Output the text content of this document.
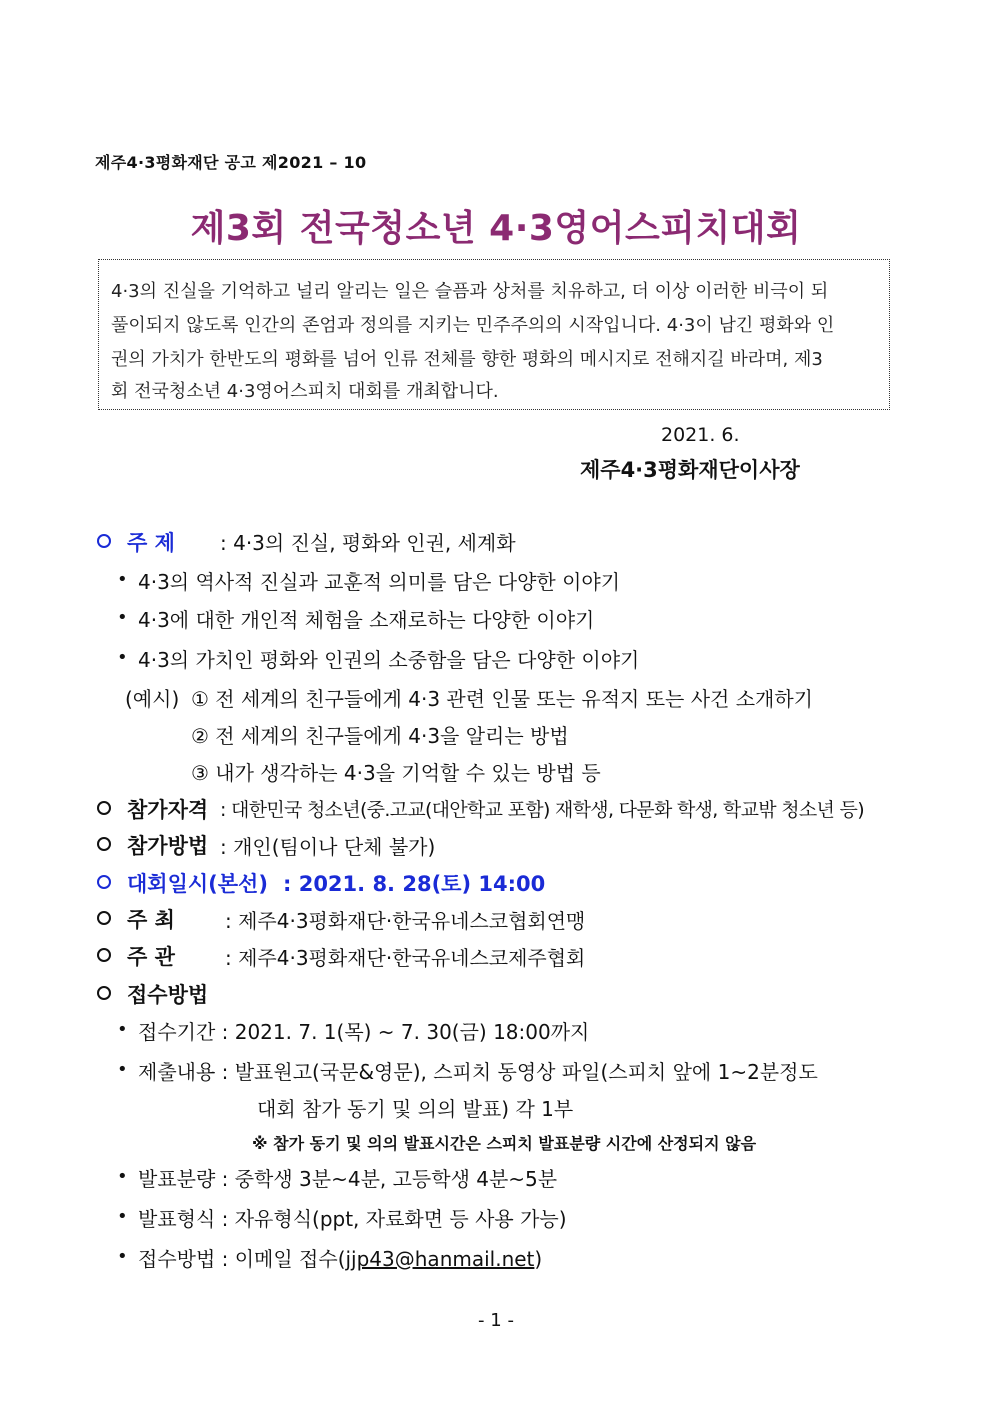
제주4·3평화재단 공고 제2021 – 10
제3회 전국청소년 4·3영어스피치대회
4·3의 진실을 기억하고 널리 알리는 일은 슬픔과 상처를 치유하고, 더 이상 이러한 비극이 되
풀이되지 않도록 인간의 존엄과 정의를 지키는 민주주의의 시작입니다. 4·3이 남긴 평화와 인
권의 가치가 한반도의 평화를 넘어 인류 전체를 향한 평화의 메시지로 전해지길 바라며, 제3
회 전국청소년 4·3영어스피치 대회를 개최합니다.
2021. 6.
제주4·3평화재단이사장
주 제 : 4·3의 진실, 평화와 인권, 세계화
• 4·3의 역사적 진실과 교훈적 의미를 담은 다양한 이야기
• 4·3에 대한 개인적 체험을 소재로하는 다양한 이야기
• 4·3의 가치인 평화와 인권의 소중함을 담은 다양한 이야기
(예시) ① 전 세계의 친구들에게 4·3 관련 인물 또는 유적지 또는 사건 소개하기
② 전 세계의 친구들에게 4·3을 알리는 방법
③ 내가 생각하는 4·3을 기억할 수 있는 방법 등
참가자격 : 대한민국 청소년(중.고교(대안학교 포함) 재학생, 다문화 학생, 학교밖 청소년 등)
참가방법 : 개인(팀이나 단체 불가)
대회일시(본선) : 2021. 8. 28(토) 14:00
주 최	: 제주4·3평화재단·한국유네스코협회연맹
주 관	: 제주4·3평화재단·한국유네스코제주협회
접수방법
• 접수기간 : 2021. 7. 1(목) ~ 7. 30(금) 18:00까지
• 제출내용 : 발표원고(국문&영문), 스피치 동영상 파일(스피치 앞에 1~2분정도
대회 참가 동기 및 의의 발표) 각 1부
※ 참가 동기 및 의의 발표시간은 스피치 발표분량 시간에 산정되지 않음
• 발표분량 : 중학생 3분~4분, 고등학생 4분~5분
• 발표형식 : 자유형식(ppt, 자료화면 등 사용 가능)
• 접수방법 : 이메일 접수(jjp43@hanmail.net)
- 1 -
